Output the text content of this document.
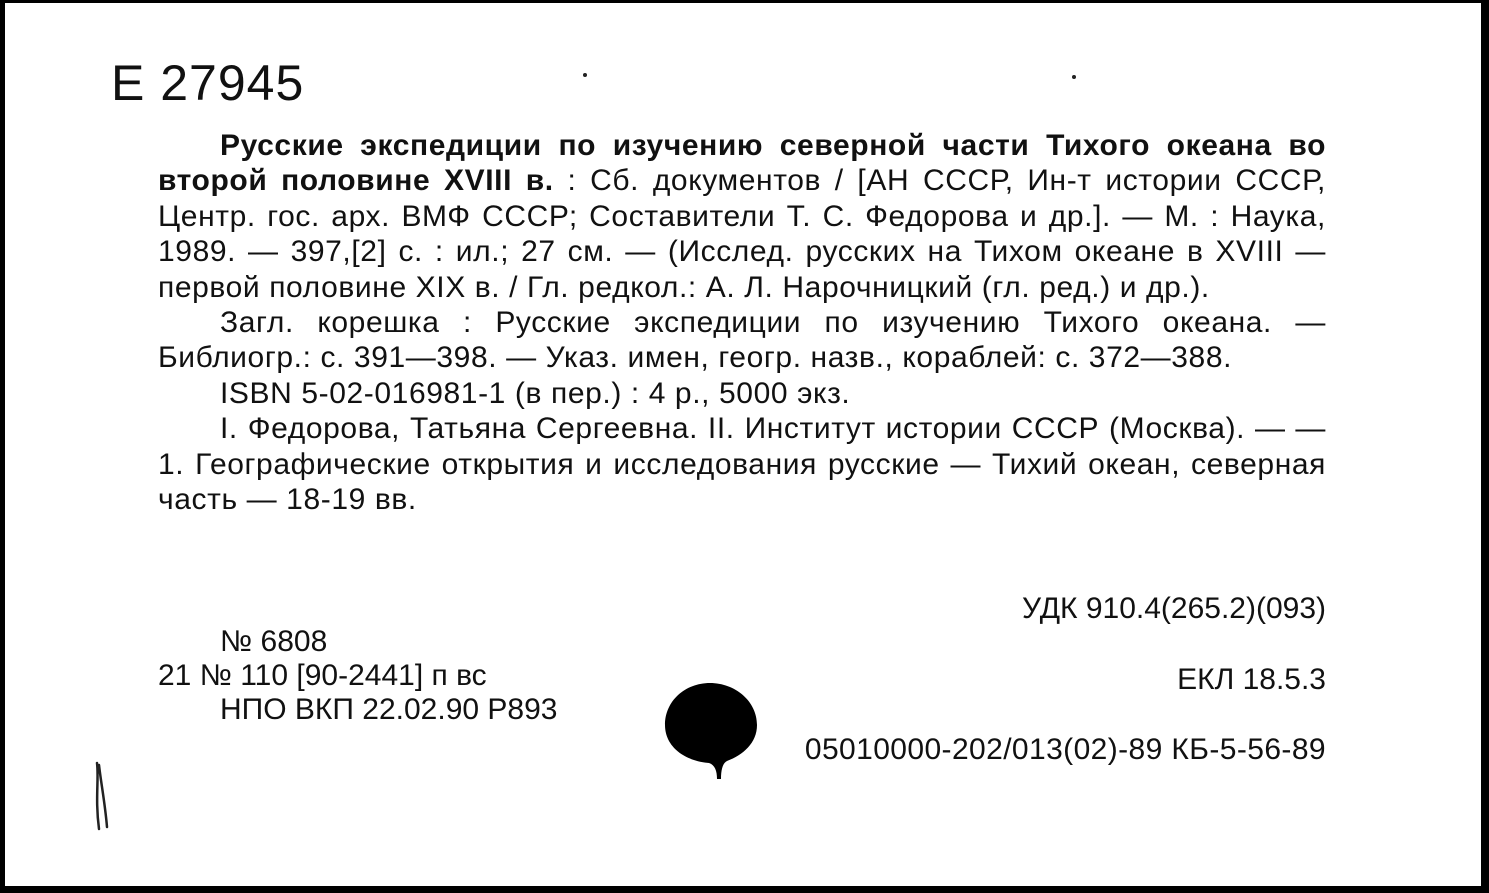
Е 27945

Русские экспедиции по изучению северной части Тихого океана во второй половине XVIII в. : Сб. документов / [АН СССР, Ин-т истории СССР, Центр. гос. арх. ВМФ СССР; Составители Т. С. Федорова и др.]. — М. : Наука, 1989. — 397,[2] с. : ил.; 27 см. — (Исслед. русских на Тихом океане в XVIII — первой половине XIX в. / Гл. редкол.: А. Л. Нарочницкий (гл. ред.) и др.).

Загл. корешка : Русские экспедиции по изучению Тихого океана. — Библиогр.: с. 391—398. — Указ. имен, геогр. назв., кораблей: с. 372—388.

ISBN 5-02-016981-1 (в пер.) : 4 р., 5000 экз.

I. Федорова, Татьяна Сергеевна. II. Институт истории СССР (Москва). — — 1. Географические открытия и исследования русские — Тихий океан, северная часть — 18-19 вв.

УДК 910.4(265.2)(093)
№ 6808
21 № 110 [90-2441] п вс
НПО ВКП 22.02.90 Р893
ЕКЛ 18.5.3
05010000-202/013(02)-89 КБ-5-56-89
